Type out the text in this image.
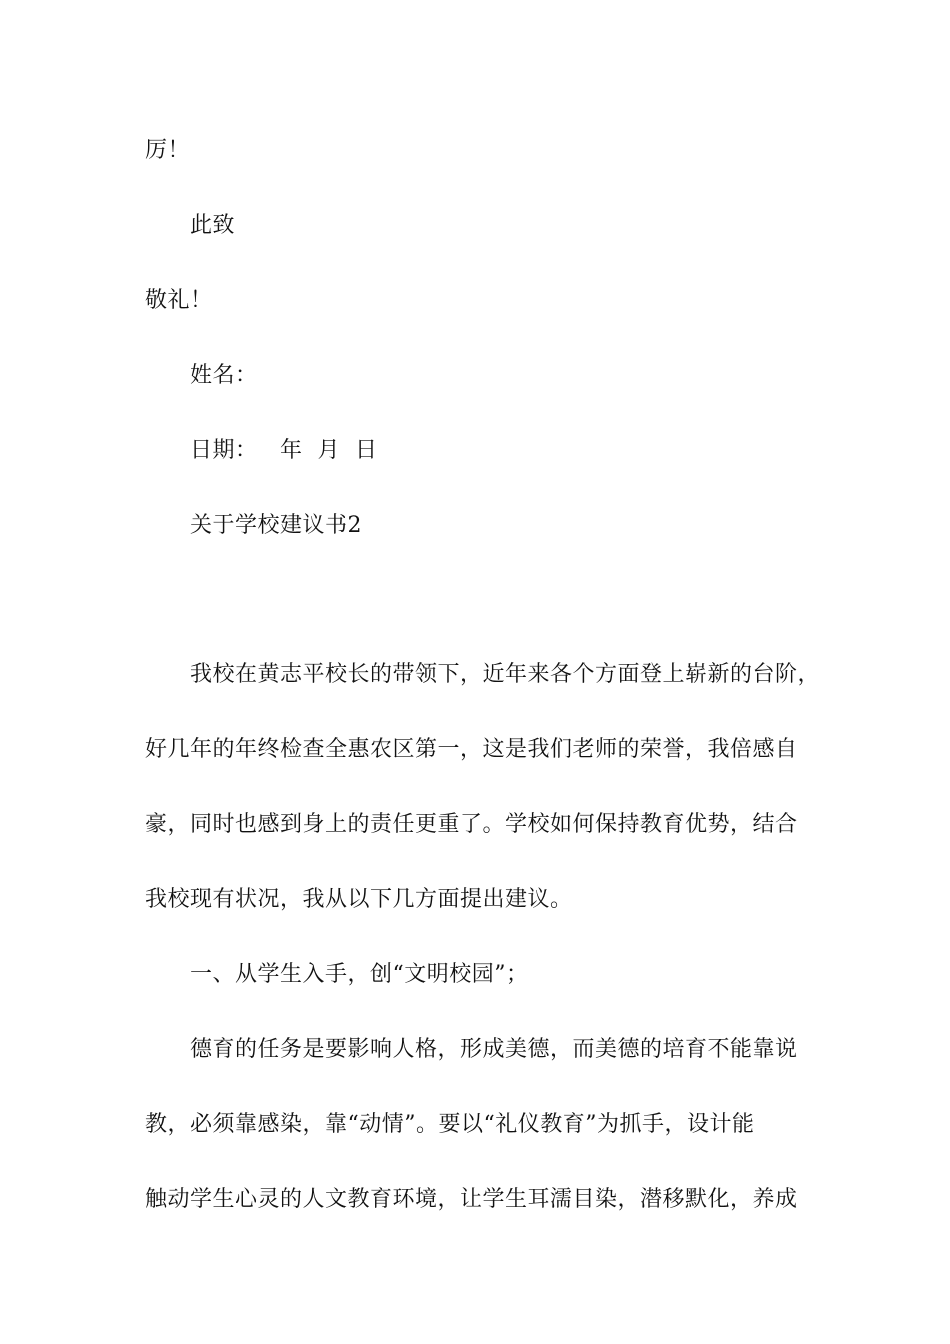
厉！
此致
敬礼！
姓名：
日期：   年  月  日
关于学校建议书2
我校在黄志平校长的带领下，近年来各个方面登上崭新的台阶，
好几年的年终检查全惠农区第一，这是我们老师的荣誉，我倍感自
豪，同时也感到身上的责任更重了。学校如何保持教育优势，结合
我校现有状况，我从以下几方面提出建议。
一、从学生入手，创“文明校园”；
德育的任务是要影响人格，形成美德，而美德的培育不能靠说
教，必须靠感染，靠“动情”。要以“礼仪教育”为抓手，设计能
触动学生心灵的人文教育环境，让学生耳濡目染，潜移默化，养成
